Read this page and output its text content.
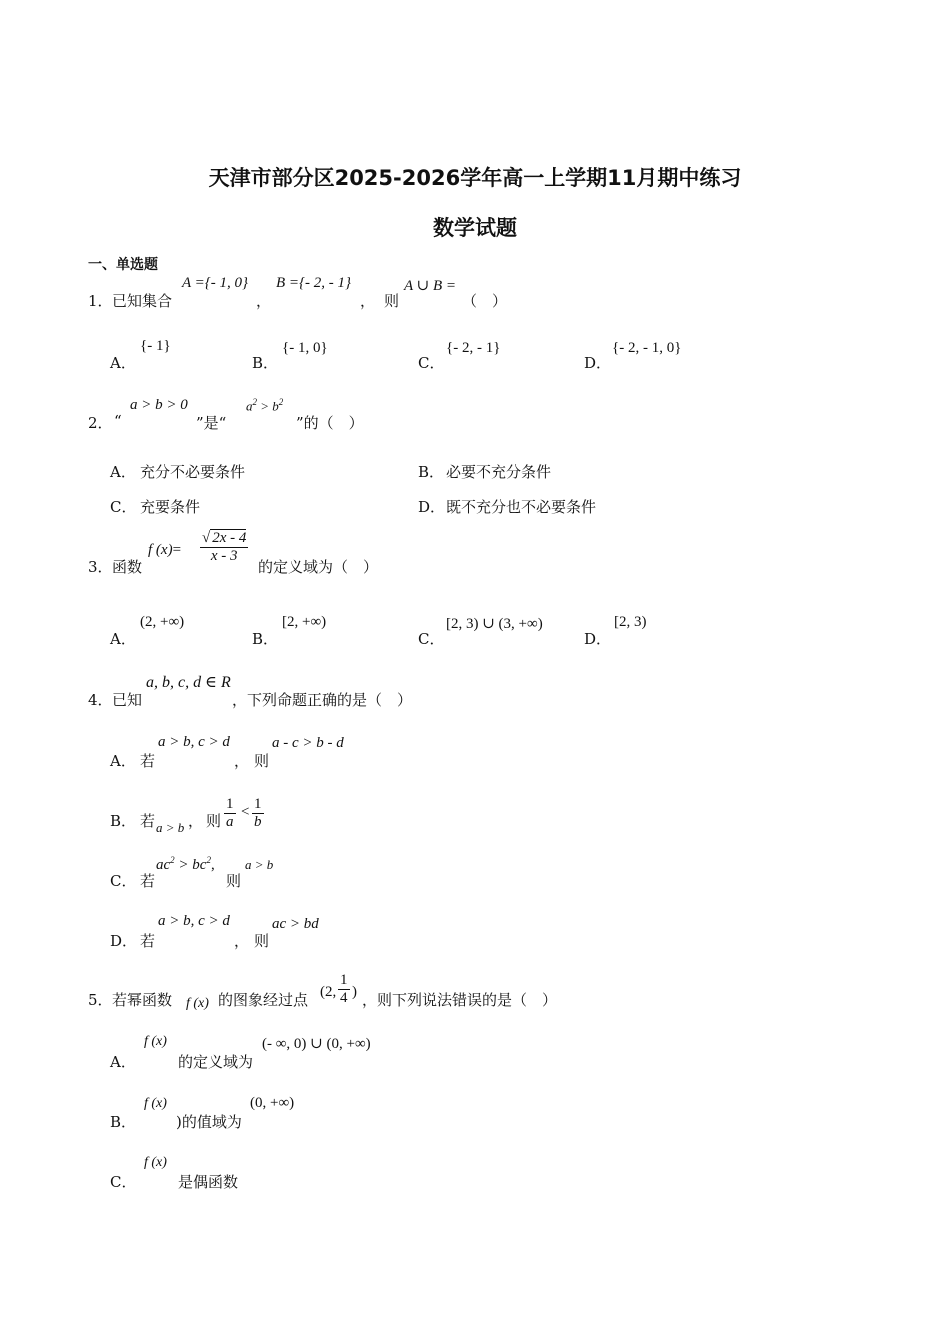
天津市部分区2025-2026学年高一上学期11月期中练习
数学试题
一、单选题
1． 已知集合
A ={- 1, 0}
，
B ={- 2, - 1}
， 则
A ∪ B =
（　）
A．
{- 1}
B．
{- 1, 0}
C．
{- 2, - 1}
D．
{- 2, - 1, 0}
2． “
a > b > 0
”是“
$a^2 > b^2$
”的（　）
A． 充分不必要条件	B． 必要不充分条件
C． 充要条件	D． 既不充分也不必要条件
3． 函数
f $(x)= \frac{√ 2x - 4}{x - 3}$
的定义域为（　）
A．
(2, +∞)
B．
[2, +∞)
C．
[2, 3) ∪ (3, +∞)
D．
[2, 3)
4． 已知
a, b, c, d ∈ R
，下列命题正确的是（　）
A． 若
a > b, c > d
， 则
a - c > b - d
B． 若 a > b ， 则 $\frac{1}{a} < \frac{1}{b}$
C． 若
$ac^2 > bc^2$,
则
a > b
D． 若
a > b, c > d
， 则
ac > bd
5． 若幂函数 f (x) 的图象经过点 (2, $\frac{1}{4}$ ) ，则下列说法错误的是（　）
A．
f (x)
的定义域为
(- ∞, 0) ∪ (0, +∞)
B．
f (x)
)的值域为
(0, +∞)
C．
f (x)
是偶函数
